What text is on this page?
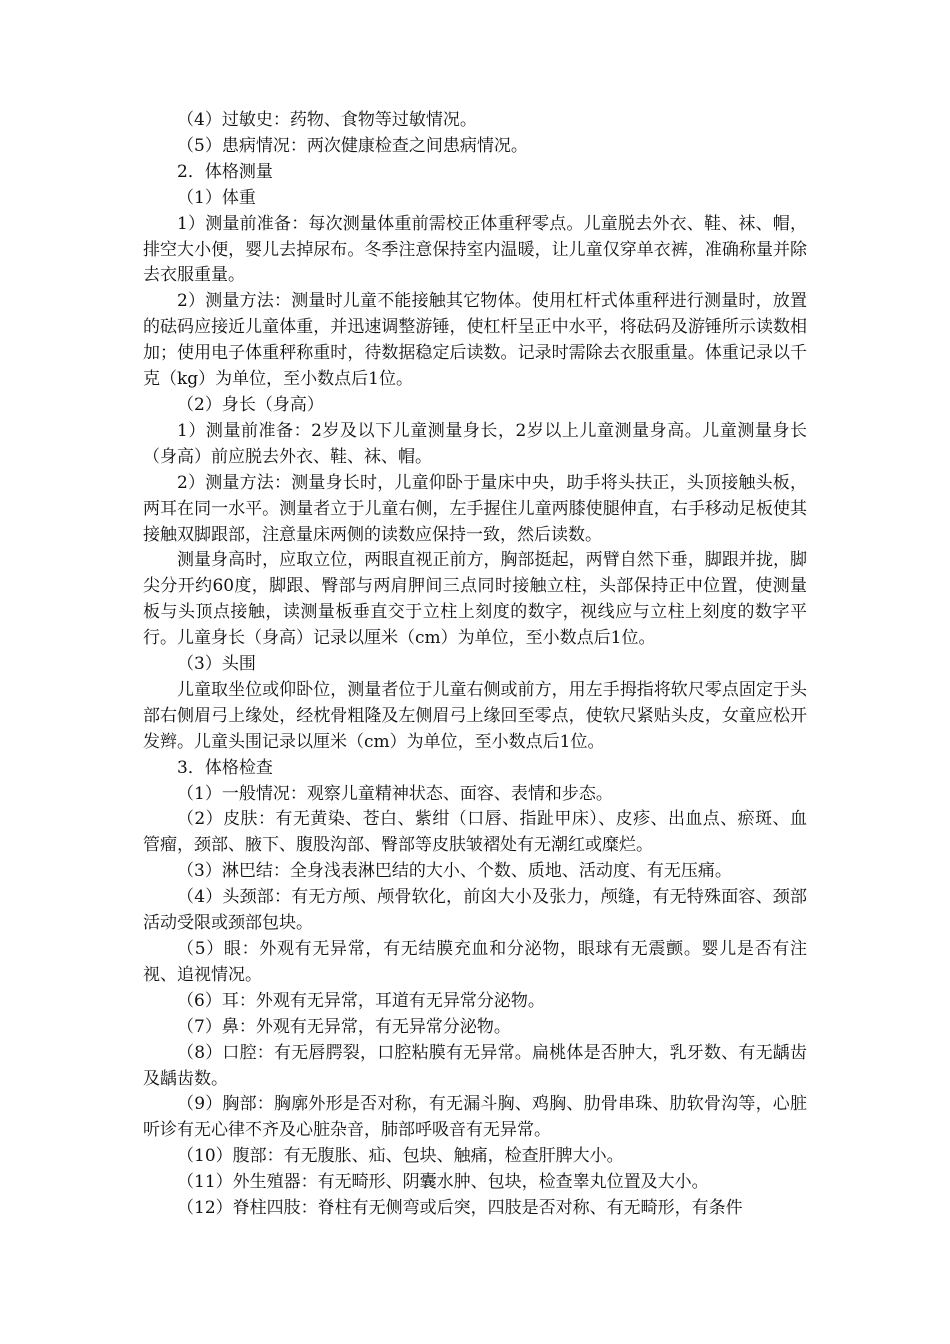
（4）过敏史：药物、食物等过敏情况。

（5）患病情况：两次健康检查之间患病情况。

2．体格测量

（1）体重

1）测量前准备：每次测量体重前需校正体重秤零点。儿童脱去外衣、鞋、袜、帽，排空大小便，婴儿去掉尿布。冬季注意保持室内温暖，让儿童仅穿单衣裤，准确称量并除去衣服重量。

2）测量方法：测量时儿童不能接触其它物体。使用杠杆式体重秤进行测量时，放置的砝码应接近儿童体重，并迅速调整游锤，使杠杆呈正中水平，将砝码及游锤所示读数相加；使用电子体重秤称重时，待数据稳定后读数。记录时需除去衣服重量。体重记录以千克（kg）为单位，至小数点后1位。

（2）身长（身高）

1）测量前准备：2岁及以下儿童测量身长，2岁以上儿童测量身高。儿童测量身长（身高）前应脱去外衣、鞋、袜、帽。

2）测量方法：测量身长时，儿童仰卧于量床中央，助手将头扶正，头顶接触头板，两耳在同一水平。测量者立于儿童右侧，左手握住儿童两膝使腿伸直，右手移动足板使其接触双脚跟部，注意量床两侧的读数应保持一致，然后读数。

测量身高时，应取立位，两眼直视正前方，胸部挺起，两臂自然下垂，脚跟并拢，脚尖分开约60度，脚跟、臀部与两肩胛间三点同时接触立柱，头部保持正中位置，使测量板与头顶点接触，读测量板垂直交于立柱上刻度的数字，视线应与立柱上刻度的数字平行。儿童身长（身高）记录以厘米（cm）为单位，至小数点后1位。

（3）头围

儿童取坐位或仰卧位，测量者位于儿童右侧或前方，用左手拇指将软尺零点固定于头部右侧眉弓上缘处，经枕骨粗隆及左侧眉弓上缘回至零点，使软尺紧贴头皮，女童应松开发辫。儿童头围记录以厘米（cm）为单位，至小数点后1位。

3．体格检查

（1）一般情况：观察儿童精神状态、面容、表情和步态。

（2）皮肤：有无黄染、苍白、紫绀（口唇、指趾甲床）、皮疹、出血点、瘀斑、血管瘤，颈部、腋下、腹股沟部、臀部等皮肤皱褶处有无潮红或糜烂。

（3）淋巴结：全身浅表淋巴结的大小、个数、质地、活动度、有无压痛。

（4）头颈部：有无方颅、颅骨软化，前囟大小及张力，颅缝，有无特殊面容、颈部活动受限或颈部包块。

（5）眼：外观有无异常，有无结膜充血和分泌物，眼球有无震颤。婴儿是否有注视、追视情况。

（6）耳：外观有无异常，耳道有无异常分泌物。

（7）鼻：外观有无异常，有无异常分泌物。

（8）口腔：有无唇腭裂，口腔粘膜有无异常。扁桃体是否肿大，乳牙数、有无龋齿及龋齿数。

（9）胸部：胸廓外形是否对称，有无漏斗胸、鸡胸、肋骨串珠、肋软骨沟等，心脏听诊有无心律不齐及心脏杂音，肺部呼吸音有无异常。

（10）腹部：有无腹胀、疝、包块、触痛，检查肝脾大小。

（11）外生殖器：有无畸形、阴囊水肿、包块，检查睾丸位置及大小。

（12）脊柱四肢：脊柱有无侧弯或后突，四肢是否对称、有无畸形，有条件
